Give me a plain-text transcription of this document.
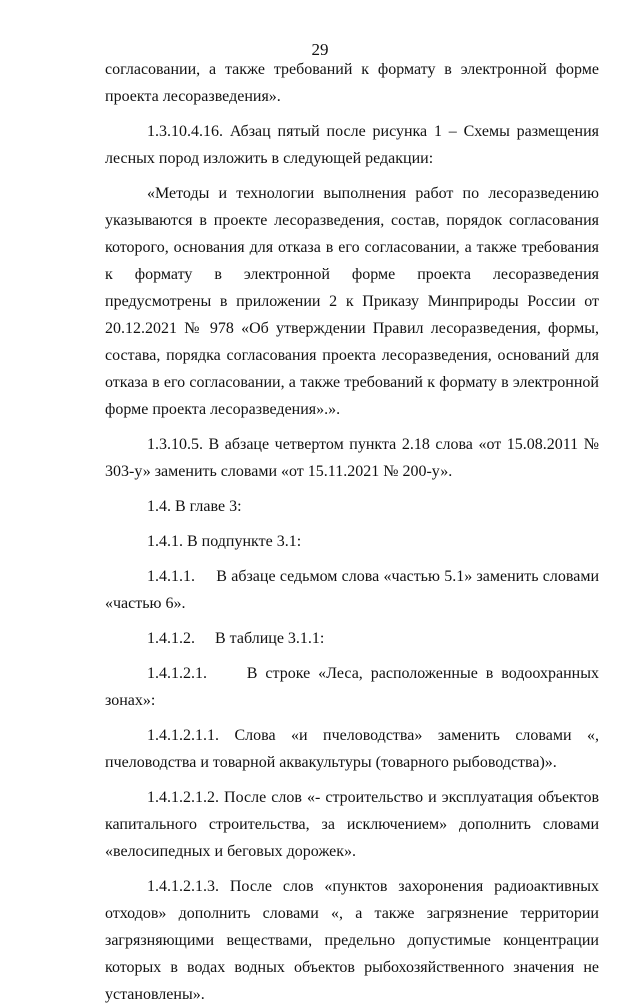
29

согласовании, а также требований к формату в электронной форме проекта лесоразведения».

1.3.10.4.16. Абзац пятый после рисунка 1 – Схемы размещения лесных пород изложить в следующей редакции:

«Методы и технологии выполнения работ по лесоразведению указываются в проекте лесоразведения, состав, порядок согласования которого, основания для отказа в его согласовании, а также требования к формату в электронной форме проекта лесоразведения предусмотрены в приложении 2 к Приказу Минприроды России от 20.12.2021 № 978 «Об утверждении Правил лесоразведения, формы, состава, порядка согласования проекта лесоразведения, оснований для отказа в его согласовании, а также требований к формату в электронной форме проекта лесоразведения».».

1.3.10.5. В абзаце четвертом пункта 2.18 слова «от 15.08.2011 № 303-у» заменить словами «от 15.11.2021 № 200-у».

1.4. В главе 3:

1.4.1. В подпункте 3.1:

1.4.1.1.     В абзаце седьмом слова «частью 5.1» заменить словами «частью 6».

1.4.1.2.     В таблице 3.1.1:

1.4.1.2.1.     В строке «Леса, расположенные в водоохранных зонах»:

1.4.1.2.1.1. Слова «и пчеловодства» заменить словами «, пчеловодства и товарной аквакультуры (товарного рыбоводства)».

1.4.1.2.1.2. После слов «- строительство и эксплуатация объектов капитального строительства, за исключением» дополнить словами «велосипедных и беговых дорожек».

1.4.1.2.1.3. После слов «пунктов захоронения радиоактивных отходов» дополнить словами «, а также загрязнение территории загрязняющими веществами, предельно допустимые концентрации которых в водах водных объектов рыбохозяйственного значения не установлены».
